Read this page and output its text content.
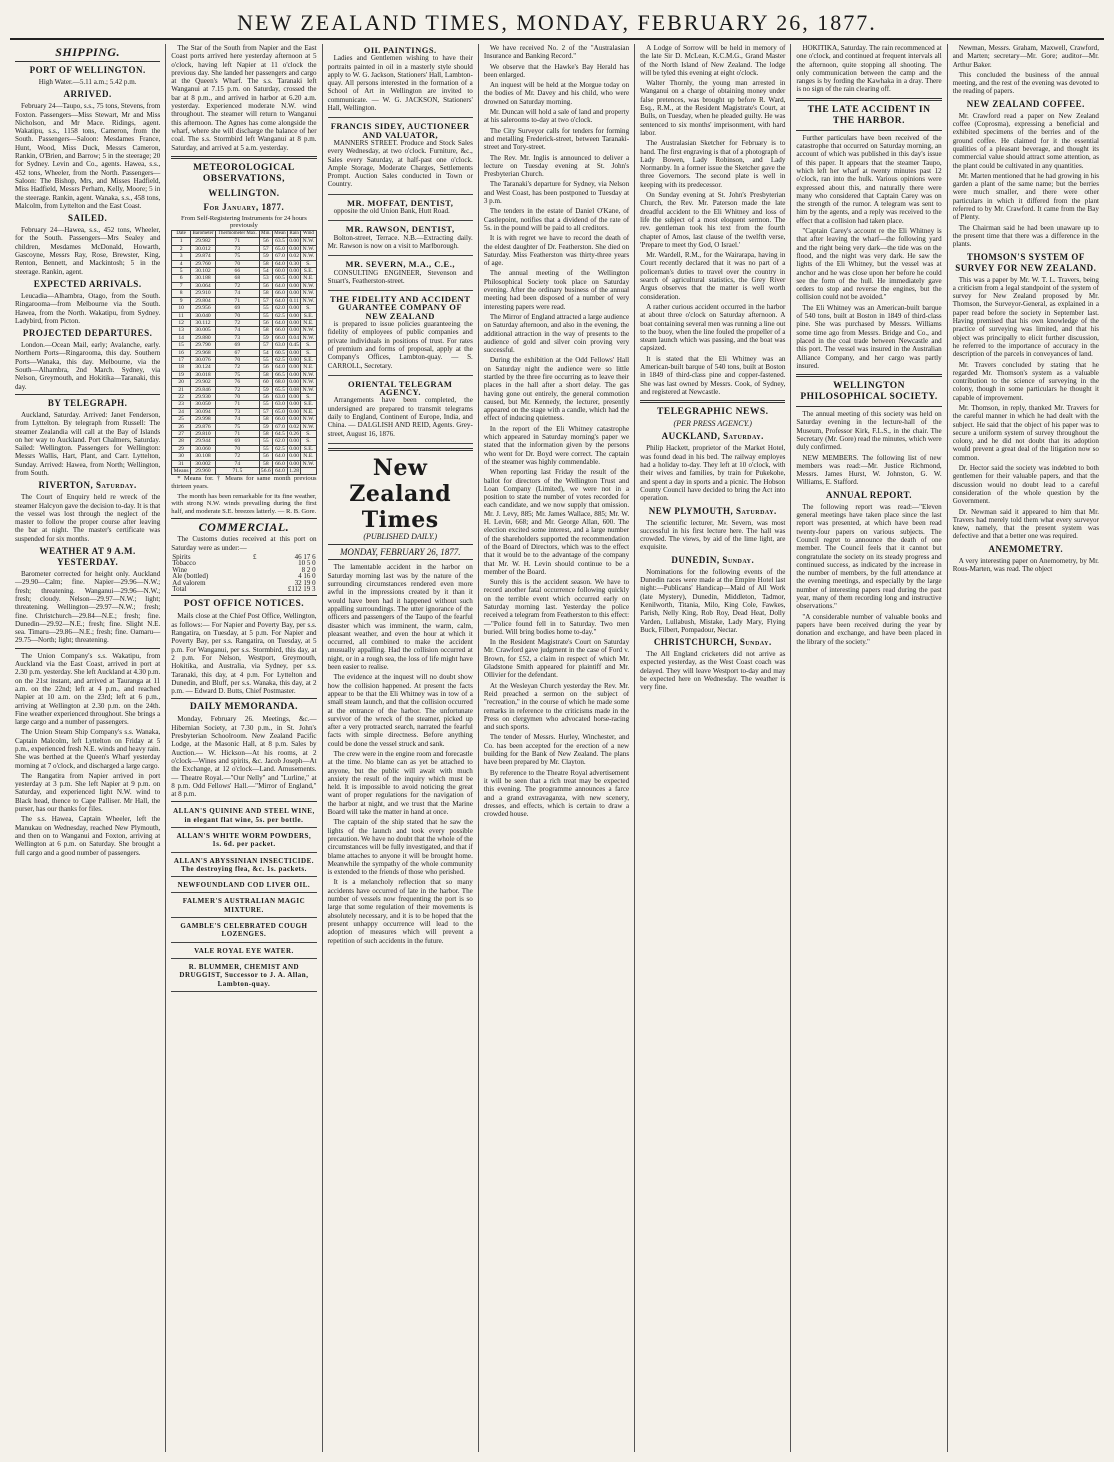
NEW ZEALAND TIMES, MONDAY, FEBRUARY 26, 1877.
SHIPPING.
PORT OF WELLINGTON.

High Water.—5.11 a.m.; 5.42 p.m.

ARRIVED.

February 24—Taupo, s.s., 75 tons, Stevens, from Foxton. Passengers—Miss Stewart, Mr and Miss Nicholson, and Mr Mace. Ridings, agent. Wakatipu, s.s., 1158 tons, Cameron, from the South. Passengers—Saloon: Mesdames France, Hunt, Wood, Miss Duck, Messrs Cameron, Rankin, O'Brien, and Barrow; 5 in the steerage; 20 for Sydney. Levin and Co., agents. Hawea, s.s., 452 tons, Wheeler, from the North. Passengers—Saloon: The Bishop, Mrs, and Misses Hadfield, Miss Hadfield, Messrs Perham, Kelly, Moore; 5 in the steerage. Rankin, agent. Wanaka, s.s., 458 tons, Malcolm, from Lyttelton and the East Coast.

SAILED.

February 24—Hawea, s.s., 452 tons, Wheeler, for the South. Passengers—Mrs Sealey and children, Mesdames McDonald, Howarth, Gascoyne, Messrs Ray, Rose, Brewster, King, Renton, Bennett, and Mackintosh; 5 in the steerage. Rankin, agent.

EXPECTED ARRIVALS.

Leucadia—Alhambra, Otago, from the South. Ringarooma—from Melbourne via the South. Hawea, from the North. Wakatipu, from Sydney. Ladybird, from Picton.

PROJECTED DEPARTURES.

London.—Ocean Mail, early; Avalanche, early. Northern Ports—Ringarooma, this day. Southern Ports—Wanaka, this day. Melbourne, via the South—Alhambra, 2nd March. Sydney, via Nelson, Greymouth, and Hokitika—Taranaki, this day.

BY TELEGRAPH.

Auckland, Saturday. Arrived: Janet Fenderson, from Lyttelton. By telegraph from Russell: The steamer Zealandia will call at the Bay of Islands on her way to Auckland. Port Chalmers, Saturday. Sailed: Wellington. Passengers for Wellington: Messrs Wallis, Hart, Plant, and Carr. Lyttelton, Sunday. Arrived: Hawea, from North; Wellington, from South.

RIVERTON, Saturday.

The Court of Enquiry held re wreck of the steamer Halcyon gave the decision to-day. It is that the vessel was lost through the neglect of the master to follow the proper course after leaving the bar at night. The master's certificate was suspended for six months.

WEATHER AT 9 A.M. YESTERDAY.

Barometer corrected for height only. Auckland—29.90—Calm; fine. Napier—29.96—N.W.; fresh; threatening. Wanganui—29.96—N.W.; fresh; cloudy. Nelson—29.97—N.W.; light; threatening. Wellington—29.97—N.W.; fresh; fine. Christchurch—29.84—N.E.; fresh; fine. Dunedin—29.92—N.E.; fresh; fine. Slight N.E. sea. Timaru—29.86—N.E.; fresh; fine. Oamaru—29.75—North; light; threatening.

The Union Company's s.s. Wakatipu, from Auckland via the East Coast, arrived in port at 2.30 p.m. yesterday. She left Auckland at 4.30 p.m. on the 21st instant, and arrived at Tauranga at 11 a.m. on the 22nd; left at 4 p.m., and reached Napier at 10 a.m. on the 23rd; left at 6 p.m., arriving at Wellington at 2.30 p.m. on the 24th. Fine weather experienced throughout. She brings a large cargo and a number of passengers.

The Union Steam Ship Company's s.s. Wanaka, Captain Malcolm, left Lyttelton on Friday at 5 p.m., experienced fresh N.E. winds and heavy rain. She was berthed at the Queen's Wharf yesterday morning at 7 o'clock, and discharged a large cargo.

The Rangatira from Napier arrived in port yesterday at 3 p.m. She left Napier at 9 p.m. on Saturday, and experienced light N.W. wind to Black head, thence to Cape Palliser. Mr Hall, the purser, has our thanks for files.

The s.s. Hawea, Captain Wheeler, left the Manukau on Wednesday, reached New Plymouth, and then on to Wanganui and Foxton, arriving at Wellington at 6 p.m. on Saturday. She brought a full cargo and a good number of passengers.

The Star of the South from Napier and the East Coast ports arrived here yesterday afternoon at 5 o'clock, having left Napier at 11 o'clock the previous day. She landed her passengers and cargo at the Queen's Wharf. The s.s. Taranaki left Wanganui at 7.15 p.m. on Saturday, crossed the bar at 8 p.m., and arrived in harbor at 6.20 a.m. yesterday. Experienced moderate N.W. wind throughout. The steamer will return to Wanganui this afternoon. The Agnes has come alongside the wharf, where she will discharge the balance of her coal. The s.s. Stormbird left Wanganui at 8 p.m. Saturday, and arrived at 5 a.m. yesterday.

METEOROLOGICAL OBSERVATIONS,
WELLINGTON.
For January, 1877.
From Self-Registering Instruments for 24 hours previously
Date	Barometer	Thermometer Max.	Min.	Mean	Rain	Wind
1	29.982	71	56	63.5	0.00	N.W.
2	30.012	73	57	65.0	0.00	N.W.
3	29.874	75	59	67.0	0.02	N.W.
4	29.760	70	58	64.0	0.30	S.
5	30.102	66	54	60.0	0.00	S.E.
6	30.188	68	53	60.5	0.00	N.E.
7	30.064	72	56	64.0	0.00	N.W.
8	29.910	74	58	66.0	0.00	N.W.
9	29.804	71	57	64.0	0.11	N.W.
10	29.956	69	55	62.0	0.00	S.
11	30.040	70	55	62.5	0.00	S.E.
12	30.112	72	56	64.0	0.00	N.E.
13	30.005	74	58	66.0	0.00	N.W.
14	29.880	73	59	66.0	0.04	N.W.
15	29.790	69	57	63.0	0.45	S.
16	29.968	67	54	60.5	0.00	S.
17	30.076	70	55	62.5	0.00	S.E.
18	30.124	72	56	64.0	0.00	N.E.
19	30.018	75	58	66.5	0.00	N.W.
20	29.902	76	60	68.0	0.00	N.W.
21	29.846	72	59	65.5	0.08	N.W.
22	29.930	70	56	63.0	0.00	S.
23	30.050	71	55	63.0	0.00	S.E.
24	30.094	73	57	65.0	0.00	N.E.
25	29.998	74	58	66.0	0.00	N.W.
26	29.876	75	59	67.0	0.02	N.W.
27	29.810	71	58	64.5	0.26	S.
28	29.944	69	55	62.0	0.00	S.
29	30.060	70	55	62.5	0.00	S.E.
30	30.108	72	56	64.0	0.00	N.E.
31	30.002	74	58	66.0	0.00	N.W.
Means	29.960	71.5	56.6	64.0	1.28	

* Means for. † Means for same month previous thirteen years.

The month has been remarkable for its fine weather, with strong N.W. winds prevailing during the first half, and moderate S.E. breezes latterly. — R. B. Gore.

COMMERCIAL.

The Customs duties received at this port on Saturday were as under:—

Spirits	£	46 17 6
Tobacco		10 5 0
Wine		8 2 0
Ale (bottled)		4 16 0
Ad valorem		32 19 0
Total		£112 19 3
POST OFFICE NOTICES.

Mails close at the Chief Post Office, Wellington, as follows:— For Napier and Poverty Bay, per s.s. Rangatira, on Tuesday, at 5 p.m. For Napier and Poverty Bay, per s.s. Rangatira, on Tuesday, at 5 p.m. For Wanganui, per s.s. Stormbird, this day, at 2 p.m. For Nelson, Westport, Greymouth, Hokitika, and Australia, via Sydney, per s.s. Taranaki, this day, at 4 p.m. For Lyttelton and Dunedin, and Bluff, per s.s. Wanaka, this day, at 2 p.m. — Edward D. Butts, Chief Postmaster.

DAILY MEMORANDA.

Monday, February 26. Meetings, &c.— Hibernian Society, at 7.30 p.m., in St. John's Presbyterian Schoolroom. New Zealand Pacific Lodge, at the Masonic Hall, at 8 p.m. Sales by Auction.— W. Hickson—At his rooms, at 2 o'clock—Wines and spirits, &c. Jacob Joseph—At the Exchange, at 12 o'clock—Land. Amusements.— Theatre Royal.—"Our Nelly" and "Lurline," at 8 p.m. Odd Fellows' Hall.—"Mirror of England," at 8 p.m.

ALLAN'S QUININE AND STEEL WINE, in elegant flat wine, 5s. per bottle.
ALLAN'S WHITE WORM POWDERS, 1s. 6d. per packet.
ALLAN'S ABYSSINIAN INSECTICIDE. The destroying flea, &c. 1s. packets.
NEWFOUNDLAND COD LIVER OIL.
FALMER'S AUSTRALIAN MAGIC MIXTURE.
GAMBLE'S CELEBRATED COUGH LOZENGES.
VALE ROYAL EYE WATER.
R. BLUMMER, CHEMIST AND DRUGGIST, Successor to J. A. Allan, Lambton-quay.
OIL PAINTINGS.

Ladies and Gentlemen wishing to have their portraits painted in oil in a masterly style should apply to W. G. Jackson, Stationers' Hall, Lambton-quay. All persons interested in the formation of a School of Art in Wellington are invited to communicate. — W. G. JACKSON, Stationers' Hall, Wellington.

FRANCIS SIDEY, AUCTIONEER AND VALUATOR,

MANNERS STREET. Produce and Stock Sales every Wednesday, at two o'clock. Furniture, &c., Sales every Saturday, at half-past one o'clock. Ample Storage, Moderate Charges, Settlements Prompt. Auction Sales conducted in Town or Country.

MR. MOFFAT, DENTIST,

opposite the old Union Bank, Hutt Road.

MR. RAWSON, DENTIST,

Bolton-street, Terrace. N.B.—Extracting daily. Mr. Rawson is now on a visit to Marlborough.

MR. SEVERN, M.A., C.E.,

CONSULTING ENGINEER, Stevenson and Stuart's, Featherston-street.

THE FIDELITY AND ACCIDENT GUARANTEE COMPANY OF NEW ZEALAND

is prepared to issue policies guaranteeing the fidelity of employees of public companies and private individuals in positions of trust. For rates of premium and forms of proposal, apply at the Company's Offices, Lambton-quay. — S. CARROLL, Secretary.

ORIENTAL TELEGRAM AGENCY.

Arrangements have been completed, the undersigned are prepared to transmit telegrams daily to England, Continent of Europe, India, and China. — DALGLISH AND REID, Agents. Grey-street, August 16, 1876.

New Zealand Times
(PUBLISHED DAILY.)
MONDAY, FEBRUARY 26, 1877.

The lamentable accident in the harbor on Saturday morning last was by the nature of the surrounding circumstances rendered even more awful in the impressions created by it than it would have been had it happened without such appalling surroundings. The utter ignorance of the officers and passengers of the Taupo of the fearful disaster which was imminent, the warm, calm, pleasant weather, and even the hour at which it occurred, all combined to make the accident unusually appalling. Had the collision occurred at night, or in a rough sea, the loss of life might have been easier to realise.

The evidence at the inquest will no doubt show how the collision happened. At present the facts appear to be that the Eli Whitney was in tow of a small steam launch, and that the collision occurred at the entrance of the harbor. The unfortunate survivor of the wreck of the steamer, picked up after a very protracted search, narrated the fearful facts with simple directness. Before anything could be done the vessel struck and sank.

The crew were in the engine room and forecastle at the time. No blame can as yet be attached to anyone, but the public will await with much anxiety the result of the inquiry which must be held. It is impossible to avoid noticing the great want of proper regulations for the navigation of the harbor at night, and we trust that the Marine Board will take the matter in hand at once.

The captain of the ship stated that he saw the lights of the launch and took every possible precaution. We have no doubt that the whole of the circumstances will be fully investigated, and that if blame attaches to anyone it will be brought home. Meanwhile the sympathy of the whole community is extended to the friends of those who perished.

It is a melancholy reflection that so many accidents have occurred of late in the harbor. The number of vessels now frequenting the port is so large that some regulation of their movements is absolutely necessary, and it is to be hoped that the present unhappy occurrence will lead to the adoption of measures which will prevent a repetition of such accidents in the future.

We have received No. 2 of the "Australasian Insurance and Banking Record."

We observe that the Hawke's Bay Herald has been enlarged.

An inquest will be held at the Morgue today on the bodies of Mr. Davey and his child, who were drowned on Saturday morning.

Mr. Duncan will hold a sale of land and property at his salerooms to-day at two o'clock.

The City Surveyor calls for tenders for forming and metalling Frederick-street, between Taranaki-street and Tory-street.

The Rev. Mr. Inglis is announced to deliver a lecture on Tuesday evening at St. John's Presbyterian Church.

The Taranaki's departure for Sydney, via Nelson and West Coast, has been postponed to Tuesday at 3 p.m.

The tenders in the estate of Daniel O'Kane, of Castlepoint, notifies that a dividend of the rate of 5s. in the pound will be paid to all creditors.

It is with regret we have to record the death of the eldest daughter of Dr. Featherston. She died on Saturday. Miss Featherston was thirty-three years of age.

The annual meeting of the Wellington Philosophical Society took place on Saturday evening. After the ordinary business of the annual meeting had been disposed of a number of very interesting papers were read.

The Mirror of England attracted a large audience on Saturday afternoon, and also in the evening, the additional attraction in the way of presents to the audience of gold and silver coin proving very successful.

During the exhibition at the Odd Fellows' Hall on Saturday night the audience were so little startled by the three fire occurring as to leave their places in the hall after a short delay. The gas having gone out entirely, the general commotion caused, but Mr. Kennedy, the lecturer, presently appeared on the stage with a candle, which had the effect of inducing quietness.

In the report of the Eli Whitney catastrophe which appeared in Saturday morning's paper we stated that the information given by the persons who went for Dr. Boyd were correct. The captain of the steamer was highly commendable.

When reporting last Friday the result of the ballot for directors of the Wellington Trust and Loan Company (Limited), we were not in a position to state the number of votes recorded for each candidate, and we now supply that omission. Mr. J. Levy, 885; Mr. James Wallace, 885; Mr. W. H. Levin, 668; and Mr. George Allan, 600. The election excited some interest, and a large number of the shareholders supported the recommendation of the Board of Directors, which was to the effect that it would be to the advantage of the company that Mr. W. H. Levin should continue to be a member of the Board.

Surely this is the accident season. We have to record another fatal occurrence following quickly on the terrible event which occurred early on Saturday morning last. Yesterday the police received a telegram from Featherston to this effect:—"Police found fell in to Saturday. Two men buried. Will bring bodies home to-day."

In the Resident Magistrate's Court on Saturday Mr. Crawford gave judgment in the case of Ford v. Brown, for £52, a claim in respect of which Mr. Gladstone Smith appeared for plaintiff and Mr. Ollivier for the defendant.

At the Wesleyan Church yesterday the Rev. Mr. Reid preached a sermon on the subject of "recreation," in the course of which he made some remarks in reference to the criticisms made in the Press on clergymen who advocated horse-racing and such sports.

The tender of Messrs. Hurley, Winchester, and Co. has been accepted for the erection of a new building for the Bank of New Zealand. The plans have been prepared by Mr. Clayton.

By reference to the Theatre Royal advertisement it will be seen that a rich treat may be expected this evening. The programme announces a farce and a grand extravaganza, with new scenery, dresses, and effects, which is certain to draw a crowded house.

A Lodge of Sorrow will be held in memory of the late Sir D. McLean, K.C.M.G., Grand Master of the North Island of New Zealand. The lodge will be tyled this evening at eight o'clock.

Walter Thornly, the young man arrested in Wanganui on a charge of obtaining money under false pretences, was brought up before R. Ward, Esq., R.M., at the Resident Magistrate's Court, at Bulls, on Tuesday, when he pleaded guilty. He was sentenced to six months' imprisonment, with hard labor.

The Australasian Sketcher for February is to hand. The first engraving is that of a photograph of Lady Bowen, Lady Robinson, and Lady Normanby. In a former issue the Sketcher gave the three Governors. The second plate is well in keeping with its predecessor.

On Sunday evening at St. John's Presbyterian Church, the Rev. Mr. Paterson made the late dreadful accident to the Eli Whitney and loss of life the subject of a most eloquent sermon. The rev. gentleman took his text from the fourth chapter of Amos, last clause of the twelfth verse, 'Prepare to meet thy God, O Israel.'

Mr. Wardell, R.M., for the Wairarapa, having in Court recently declared that it was no part of a policeman's duties to travel over the country in search of agricultural statistics, the Grey River Argus observes that the matter is well worth consideration.

A rather curious accident occurred in the harbor at about three o'clock on Saturday afternoon. A boat containing several men was running a line out to the buoy, when the line fouled the propeller of a steam launch which was passing, and the boat was capsized.

It is stated that the Eli Whitney was an American-built barque of 540 tons, built at Boston in 1849 of third-class pine and copper-fastened. She was last owned by Messrs. Cook, of Sydney, and registered at Newcastle.

TELEGRAPHIC NEWS.
(PER PRESS AGENCY.)
AUCKLAND, Saturday.

Philip Hackett, proprietor of the Market Hotel, was found dead in his bed. The railway employes had a holiday to-day. They left at 10 o'clock, with their wives and families, by train for Pukekohe, and spent a day in sports and a picnic. The Hobson County Council have decided to bring the Act into operation.

NEW PLYMOUTH, Saturday.

The scientific lecturer, Mr. Severn, was most successful in his first lecture here. The hall was crowded. The views, by aid of the lime light, are exquisite.

DUNEDIN, Sunday.

Nominations for the following events of the Dunedin races were made at the Empire Hotel last night:—Publicans' Handicap—Maid of All Work (late Mystery), Dunedin, Middleton, Tadmor, Kenilworth, Titania, Milo, King Cole, Fawkes, Parish, Nelly King, Rob Roy, Dead Heat, Dolly Varden, Lullabush, Mistake, Lady Mary, Flying Buck, Filbert, Pompadour, Nectar.

CHRISTCHURCH, Sunday.

The All England cricketers did not arrive as expected yesterday, as the West Coast coach was delayed. They will leave Westport to-day and may be expected here on Wednesday. The weather is very fine.

HOKITIKA, Saturday. The rain recommenced at one o'clock, and continued at frequent intervals all the afternoon, quite stopping all shooting. The only communication between the camp and the ranges is by fording the Kawhaka in a dray. There is no sign of the rain clearing off.

THE LATE ACCIDENT IN THE HARBOR.

Further particulars have been received of the catastrophe that occurred on Saturday morning, an account of which was published in this day's issue of this paper. It appears that the steamer Taupo, which left her wharf at twenty minutes past 12 o'clock, ran into the hulk. Various opinions were expressed about this, and naturally there were many who considered that Captain Carey was on the strength of the rumor. A telegram was sent to him by the agents, and a reply was received to the effect that a collision had taken place.

"Captain Carey's account re the Eli Whitney is that after leaving the wharf—the following yard and the right being very dark—the tide was on the flood, and the night was very dark. He saw the lights of the Eli Whitney, but the vessel was at anchor and he was close upon her before he could see the form of the hull. He immediately gave orders to stop and reverse the engines, but the collision could not be avoided."

The Eli Whitney was an American-built barque of 540 tons, built at Boston in 1849 of third-class pine. She was purchased by Messrs. Williams some time ago from Messrs. Bridge and Co., and placed in the coal trade between Newcastle and this port. The vessel was insured in the Australian Alliance Company, and her cargo was partly insured.

WELLINGTON PHILOSOPHICAL SOCIETY.

The annual meeting of this society was held on Saturday evening in the lecture-hall of the Museum, Professor Kirk, F.L.S., in the chair. The Secretary (Mr. Gore) read the minutes, which were duly confirmed.

NEW MEMBERS. The following list of new members was read:—Mr. Justice Richmond, Messrs. James Hurst, W. Johnston, G. W. Williams, E. Stafford.

ANNUAL REPORT.

The following report was read:—"Eleven general meetings have taken place since the last report was presented, at which have been read twenty-four papers on various subjects. The Council regret to announce the death of one member. The Council feels that it cannot but congratulate the society on its steady progress and continued success, as indicated by the increase in the number of members, by the full attendance at the evening meetings, and especially by the large number of interesting papers read during the past year, many of them recording long and instructive observations."

"A considerable number of valuable books and papers have been received during the year by donation and exchange, and have been placed in the library of the society."

Newman, Messrs. Graham, Maxwell, Crawford, and Marten; secretary—Mr. Gore; auditor—Mr. Arthur Baker.

This concluded the business of the annual meeting, and the rest of the evening was devoted to the reading of papers.

NEW ZEALAND COFFEE.

Mr. Crawford read a paper on New Zealand coffee (Coprosma), expressing a beneficial and exhibited specimens of the berries and of the ground coffee. He claimed for it the essential qualities of a pleasant beverage, and thought its commercial value should attract some attention, as the plant could be cultivated in any quantities.

Mr. Marten mentioned that he had growing in his garden a plant of the same name; but the berries were much smaller, and there were other particulars in which it differed from the plant referred to by Mr. Crawford. It came from the Bay of Plenty.

The Chairman said he had been unaware up to the present time that there was a difference in the plants.

THOMSON'S SYSTEM OF SURVEY FOR NEW ZEALAND.

This was a paper by Mr. W. T. L. Travers, being a criticism from a legal standpoint of the system of survey for New Zealand proposed by Mr. Thomson, the Surveyor-General, as explained in a paper read before the society in September last. Having premised that his own knowledge of the practice of surveying was limited, and that his object was principally to elicit further discussion, he referred to the importance of accuracy in the description of the parcels in conveyances of land.

Mr. Travers concluded by stating that he regarded Mr. Thomson's system as a valuable contribution to the science of surveying in the colony, though in some particulars he thought it capable of improvement.

Mr. Thomson, in reply, thanked Mr. Travers for the careful manner in which he had dealt with the subject. He said that the object of his paper was to secure a uniform system of survey throughout the colony, and he did not doubt that its adoption would prevent a great deal of the litigation now so common.

Dr. Hector said the society was indebted to both gentlemen for their valuable papers, and that the discussion would no doubt lead to a careful consideration of the whole question by the Government.

Dr. Newman said it appeared to him that Mr. Travers had merely told them what every surveyor knew, namely, that the present system was defective and that a better one was required.

ANEMOMETRY.

A very interesting paper on Anemometry, by Mr. Rous-Marten, was read. The object
